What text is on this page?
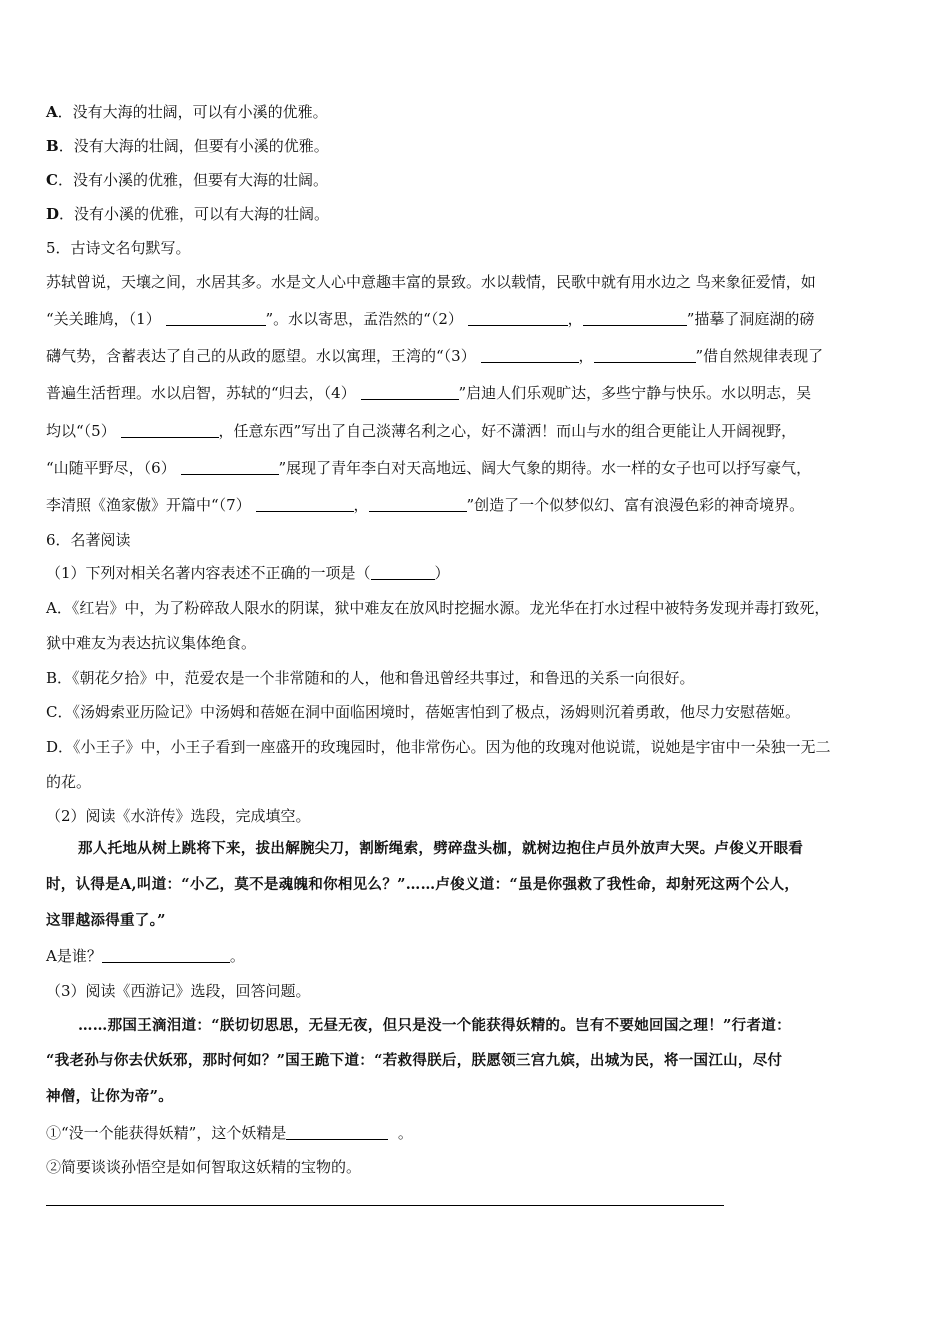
A．没有大海的壮阔，可以有小溪的优雅。
B．没有大海的壮阔，但要有小溪的优雅。
C．没有小溪的优雅，但要有大海的壮阔。
D．没有小溪的优雅，可以有大海的壮阔。
5．古诗文名句默写。
苏轼曾说，天壤之间，水居其多。水是文人心中意趣丰富的景致。水以载情，民歌中就有用水边之 鸟来象征爱情，如
“关关雎鸠，（1）	”。水以寄思，孟浩然的“（2）	，	”描摹了洞庭湖的磅
礴气势，含蓄表达了自己的从政的愿望。水以寓理，王湾的“（3）	，	”借自然规律表现了
普遍生活哲理。水以启智，苏轼的“归去，（4）	”启迪人们乐观旷达，多些宁静与快乐。水以明志，吴
均以“（5）	，任意东西”写出了自己淡薄名利之心，好不潇洒！而山与水的组合更能让人开阔视野，
“山随平野尽，（6）	”展现了青年李白对天高地远、阔大气象的期待。水一样的女子也可以抒写豪气，
李清照《渔家傲》开篇中“（7）	，	”创造了一个似梦似幻、富有浪漫色彩的神奇境界。
6．名著阅读
（1）下列对相关名著内容表述不正确的一项是（	）
A．《红岩》中，为了粉碎敌人限水的阴谋，狱中难友在放风时挖掘水源。龙光华在打水过程中被特务发现并毒打致死，
狱中难友为表达抗议集体绝食。
B．《朝花夕拾》中，范爱农是一个非常随和的人，他和鲁迅曾经共事过，和鲁迅的关系一向很好。
C．《汤姆索亚历险记》中汤姆和蓓姬在洞中面临困境时，蓓姬害怕到了极点，汤姆则沉着勇敢，他尽力安慰蓓姬。
D．《小王子》中，小王子看到一座盛开的玫瑰园时，他非常伤心。因为他的玫瑰对他说谎，说她是宇宙中一朵独一无二
的花。
（2）阅读《水浒传》选段，完成填空。
那人托地从树上跳将下来，拔出解腕尖刀，割断绳索，劈碎盘头枷，就树边抱住卢员外放声大哭。卢俊义开眼看
时，认得是A,叫道：“小乙，莫不是魂魄和你相见么？”……卢俊义道：“虽是你强救了我性命，却射死这两个公人，
这罪越添得重了。”
A是谁？	。
（3）阅读《西游记》选段，回答问题。
……那国王滴泪道：“朕切切思思，无昼无夜，但只是没一个能获得妖精的。岂有不要她回国之理！”行者道：
“我老孙与你去伏妖邪，那时何如？”国王跪下道：“若救得朕后，朕愿领三宫九嫔，出城为民，将一国江山，尽付
神僧，让你为帝”。
①“没一个能获得妖精”，这个妖精是	。
②简要谈谈孙悟空是如何智取这妖精的宝物的。
